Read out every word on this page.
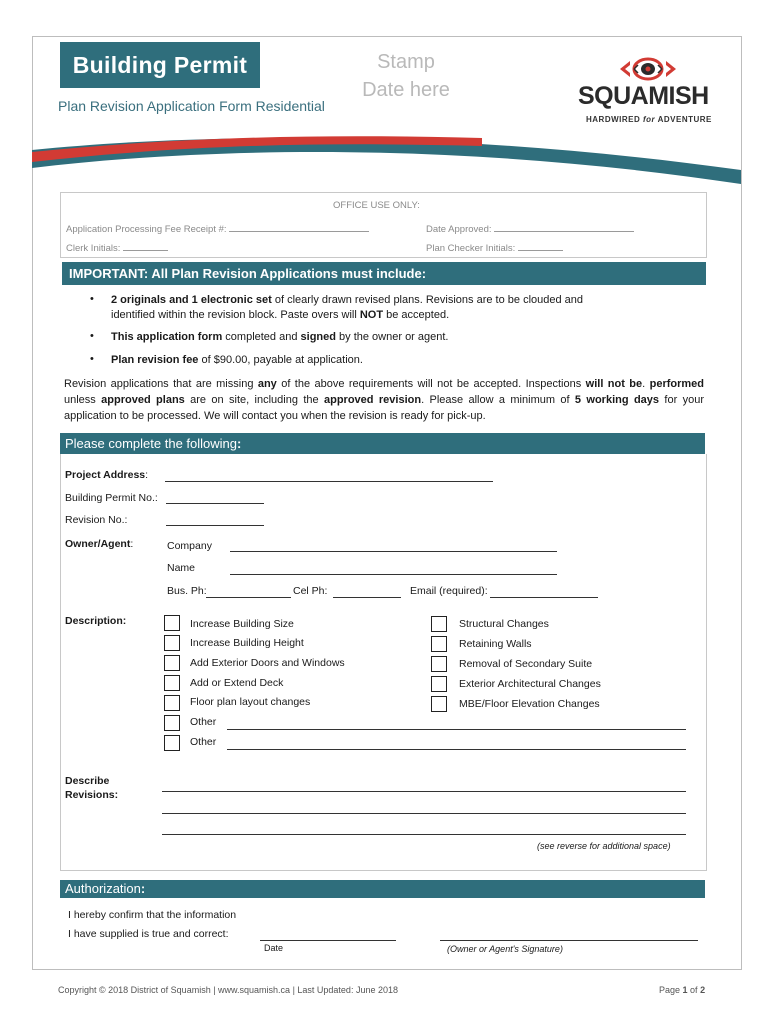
Building Permit
Plan Revision Application Form Residential
Stamp
Date here	SQUAMISH
HARDWIRED for ADVENTURE
OFFICE USE ONLY:
Application Processing Fee Receipt #:	Date Approved:
Clerk Initials:	Plan Checker Initials:
IMPORTANT: All Plan Revision Applications must include:
• 2 originals and 1 electronic set of clearly drawn revised plans. Revisions are to be clouded and
identified within the revision block. Paste overs will NOT be accepted.
• This application form completed and signed by the owner or agent.
• Plan revision fee of $90.00, payable at application.
Revision applications that are missing any of the above requirements will not be accepted. Inspections will not be. performed unless approved plans are on site, including the approved revision. Please allow a minimum of 5 working days for your application to be processed. We will contact you when the revision is ready for pick-up.
Please complete the following:
Project Address:
Building Permit No.:
Revision No.:
Owner/Agent:	Company
Name
Bus. Ph:	Cel Ph:	Email (required):
Description:	Increase Building Size
Increase Building Height
Add Exterior Doors and Windows
Add or Extend Deck
Floor plan layout changes
Other
Other
Structural Changes
Retaining Walls
Removal of Secondary Suite
Exterior Architectural Changes
MBE/Floor Elevation Changes
Describe
Revisions:
(see reverse for additional space)
Authorization:
I hereby confirm that the information
I have supplied is true and correct:
Date	(Owner or Agent's Signature)
Copyright © 2018 District of Squamish | www.squamish.ca | Last Updated: June 2018	Page 1 of 2
